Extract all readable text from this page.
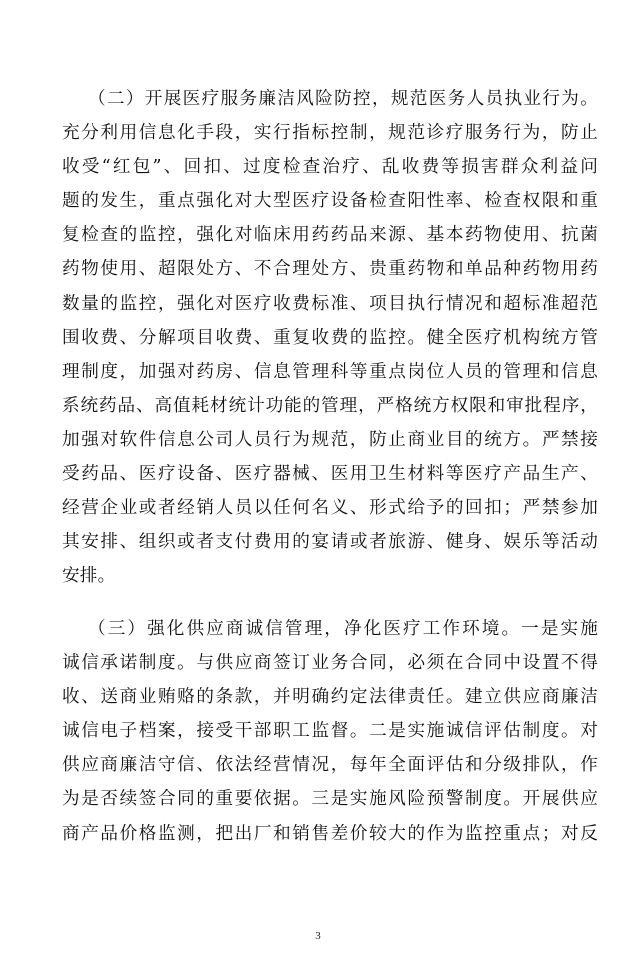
（二）开展医疗服务廉洁风险防控，规范医务人员执业行为。
充分利用信息化手段，实行指标控制，规范诊疗服务行为，防止
收受“红包”、回扣、过度检查治疗、乱收费等损害群众利益问
题的发生，重点强化对大型医疗设备检查阳性率、检查权限和重
复检查的监控，强化对临床用药药品来源、基本药物使用、抗菌
药物使用、超限处方、不合理处方、贵重药物和单品种药物用药
数量的监控，强化对医疗收费标准、项目执行情况和超标准超范
围收费、分解项目收费、重复收费的监控。健全医疗机构统方管
理制度，加强对药房、信息管理科等重点岗位人员的管理和信息
系统药品、高值耗材统计功能的管理，严格统方权限和审批程序，
加强对软件信息公司人员行为规范，防止商业目的统方。严禁接
受药品、医疗设备、医疗器械、医用卫生材料等医疗产品生产、
经营企业或者经销人员以任何名义、形式给予的回扣；严禁参加
其安排、组织或者支付费用的宴请或者旅游、健身、娱乐等活动
安排。
（三）强化供应商诚信管理，净化医疗工作环境。一是实施
诚信承诺制度。与供应商签订业务合同，必须在合同中设置不得
收、送商业贿赂的条款，并明确约定法律责任。建立供应商廉洁
诚信电子档案，接受干部职工监督。二是实施诚信评估制度。对
供应商廉洁守信、依法经营情况，每年全面评估和分级排队，作
为是否续签合同的重要依据。三是实施风险预警制度。开展供应
商产品价格监测，把出厂和销售差价较大的作为监控重点；对反
3
